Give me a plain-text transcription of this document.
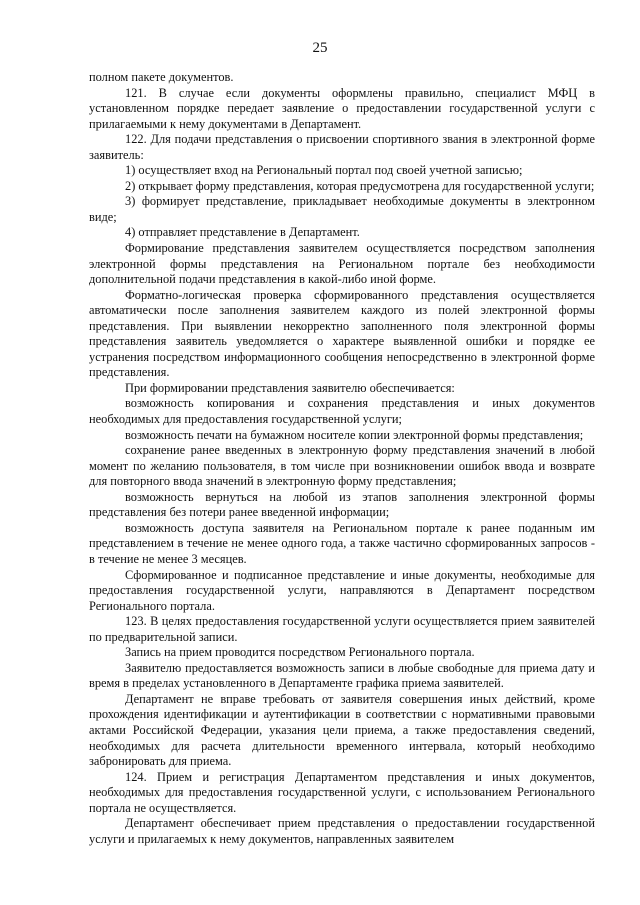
25

полном пакете документов.

121. В случае если документы оформлены правильно, специалист МФЦ в установленном порядке передает заявление о предоставлении государственной услуги с прилагаемыми к нему документами в Департамент.

122. Для подачи представления о присвоении спортивного звания в электронной форме заявитель:

1) осуществляет вход на Региональный портал под своей учетной записью;

2) открывает форму представления, которая предусмотрена для государственной услуги;

3) формирует представление, прикладывает необходимые документы в электронном виде;

4) отправляет представление в Департамент.

Формирование представления заявителем осуществляется посредством заполнения электронной формы представления на Региональном портале без необходимости дополнительной подачи представления в какой-либо иной форме.

Форматно-логическая проверка сформированного представления осуществляется автоматически после заполнения заявителем каждого из полей электронной формы представления. При выявлении некорректно заполненного поля электронной формы представления заявитель уведомляется о характере выявленной ошибки и порядке ее устранения посредством информационного сообщения непосредственно в электронной форме представления.

При формировании представления заявителю обеспечивается:

возможность копирования и сохранения представления и иных документов необходимых для предоставления государственной услуги;

возможность печати на бумажном носителе копии электронной формы представления;

сохранение ранее введенных в электронную форму представления значений в любой момент по желанию пользователя, в том числе при возникновении ошибок ввода и возврате для повторного ввода значений в электронную форму представления;

возможность вернуться на любой из этапов заполнения электронной формы представления без потери ранее введенной информации;

возможность доступа заявителя на Региональном портале к ранее поданным им представлением в течение не менее одного года, а также частично сформированных запросов - в течение не менее 3 месяцев.

Сформированное и подписанное представление и иные документы, необходимые для предоставления государственной услуги, направляются в Департамент посредством Регионального портала.

123. В целях предоставления государственной услуги осуществляется прием заявителей по предварительной записи.

Запись на прием проводится посредством Регионального портала.

Заявителю предоставляется возможность записи в любые свободные для приема дату и время в пределах установленного в Департаменте графика приема заявителей.

Департамент не вправе требовать от заявителя совершения иных действий, кроме прохождения идентификации и аутентификации в соответствии с нормативными правовыми актами Российской Федерации, указания цели приема, а также предоставления сведений, необходимых для расчета длительности временного интервала, который необходимо забронировать для приема.

124. Прием и регистрация Департаментом представления и иных документов, необходимых для предоставления государственной услуги, с использованием Регионального портала не осуществляется.

Департамент обеспечивает прием представления о предоставлении государственной услуги и прилагаемых к нему документов, направленных заявителем
